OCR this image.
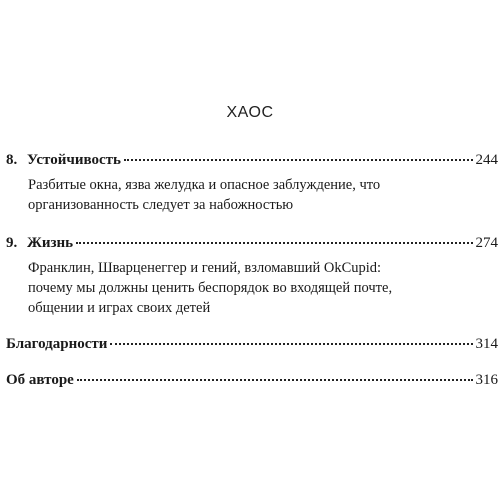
ХАОС
8. Устойчивость	244
Разбитые окна, язва желудка и опасное заблуждение, что
организованность следует за набожностью
9. Жизнь	274
Франклин, Шварценеггер и гений, взломавший OkCupid:
почему мы должны ценить беспорядок во входящей почте,
общении и играх своих детей
Благодарности	314
Об авторе	316
